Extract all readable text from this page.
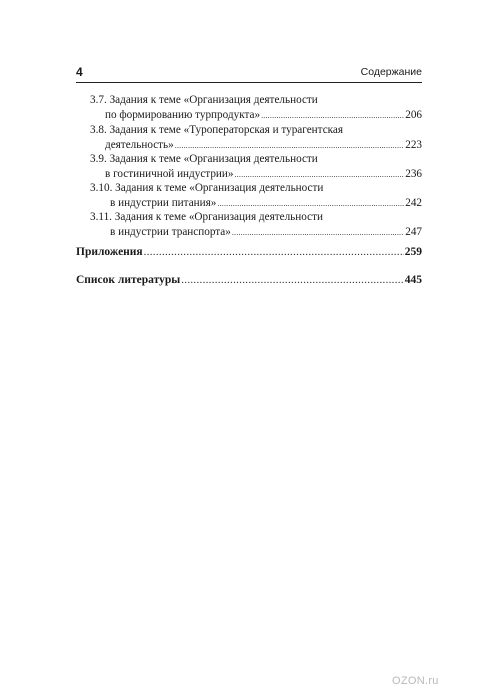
4	Содержание
3.7. Задания к теме «Организация деятельности
по формированию турпродукта» .....	206
3.8. Задания к теме «Туроператорская и турагентская
деятельность» .....	223
3.9. Задания к теме «Организация деятельности
в гостиничной индустрии» .....	236
3.10. Задания к теме «Организация деятельности
в индустрии питания» .....	242
3.11. Задания к теме «Организация деятельности
в индустрии транспорта» .....	247
Приложения .....	259
Список литературы .....	445
OZON.ru
